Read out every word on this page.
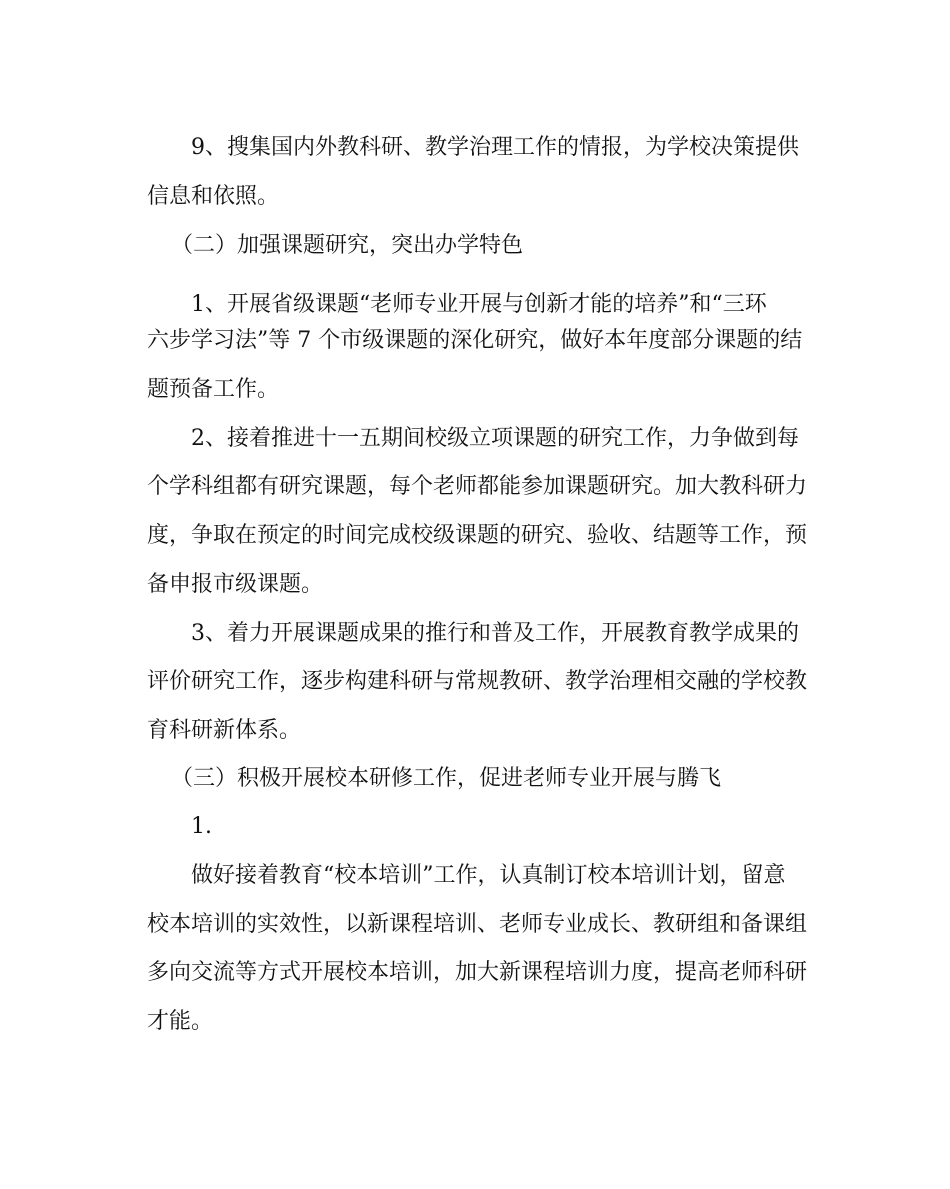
9、搜集国内外教科研、教学治理工作的情报，为学校决策提供

信息和依照。

（二）加强课题研究，突出办学特色

1、开展省级课题“老师专业开展与创新才能的培养”和“三环

六步学习法”等 7 个市级课题的深化研究，做好本年度部分课题的结

题预备工作。

2、接着推进十一五期间校级立项课题的研究工作，力争做到每

个学科组都有研究课题，每个老师都能参加课题研究。加大教科研力

度，争取在预定的时间完成校级课题的研究、验收、结题等工作，预

备申报市级课题。

3、着力开展课题成果的推行和普及工作，开展教育教学成果的

评价研究工作，逐步构建科研与常规教研、教学治理相交融的学校教

育科研新体系。

（三）积极开展校本研修工作，促进老师专业开展与腾飞

1.

做好接着教育“校本培训”工作，认真制订校本培训计划，留意

校本培训的实效性，以新课程培训、老师专业成长、教研组和备课组

多向交流等方式开展校本培训，加大新课程培训力度，提高老师科研

才能。
